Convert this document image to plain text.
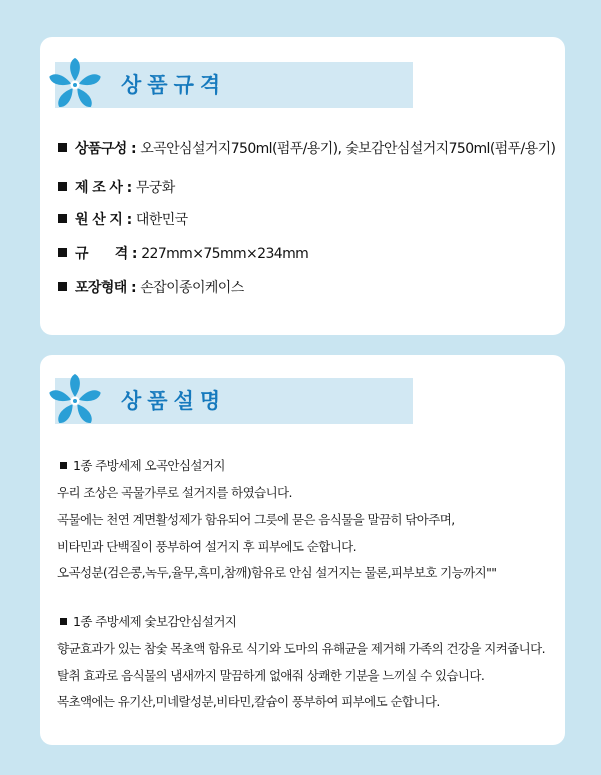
상품규격
상품구성 : 오곡안심설거지750ml(펌푸/용기), 숯보감안심설거지750ml(펌푸/용기)
제 조 사 : 무궁화
원 산 지 : 대한민국
규　　격 : 227mm×75mm×234mm
포장형태 : 손잡이종이케이스
상품설명
1종 주방세제 오곡안심설거지
우리 조상은 곡물가루로 설거지를 하였습니다.
곡물에는 천연 계면활성제가 함유되어 그릇에 묻은 음식물을 말끔히 닦아주며,
비타민과 단백질이 풍부하여 설거지 후 피부에도 순합니다.
오곡성분(검은콩,녹두,율무,흑미,참깨)함유로 안심 설거지는 물론,피부보호 기능까지""
1종 주방세제 숯보감안심설거지
향균효과가 있는 참숯 목초액 함유로 식기와 도마의 유해균을 제거해 가족의 건강을 지켜줍니다.
탈취 효과로 음식물의 냄새까지 말끔하게 없애줘 상쾌한 기분을 느끼실 수 있습니다.
목초액에는 유기산,미네랄성분,비타민,칼슘이 풍부하여 피부에도 순합니다.
